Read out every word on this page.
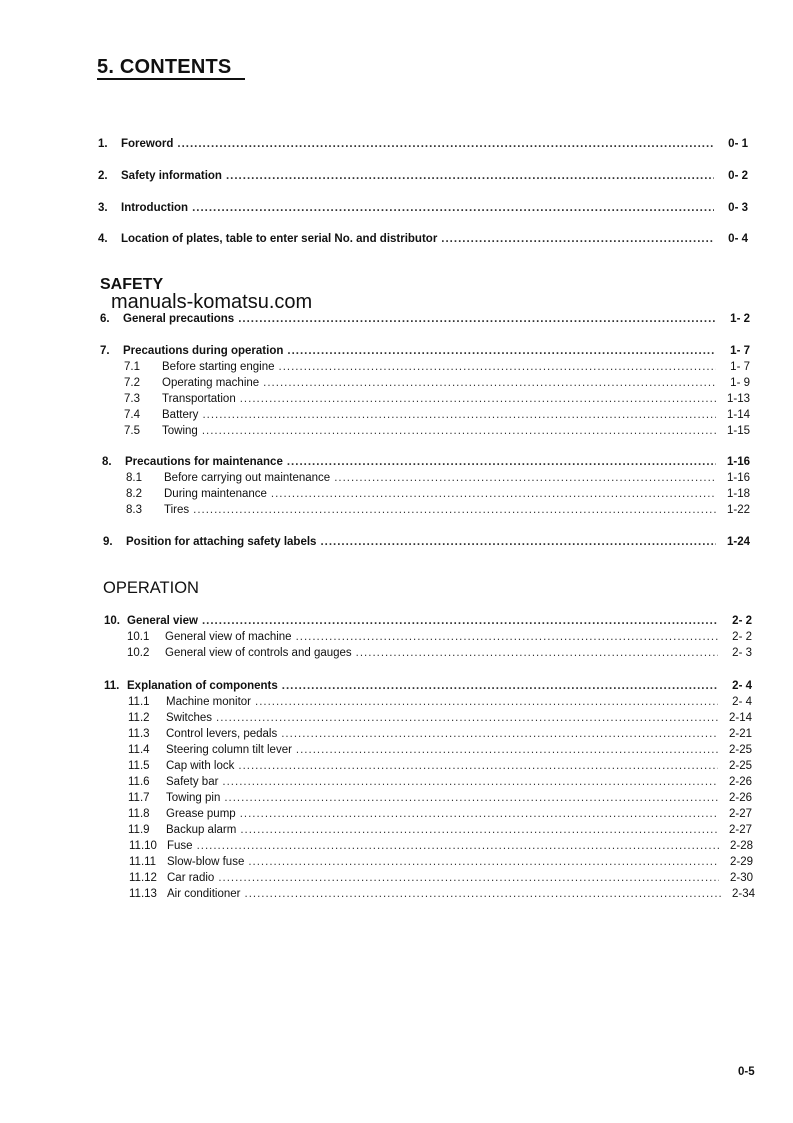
5. CONTENTS
1.	Foreword .....	0- 1
2.	Safety information .....	0- 2
3.	Introduction .....	0- 3
4.	Location of plates, table to enter serial No. and distributor .....	0- 4
SAFETY
manuals-komatsu.com
6.	General precautions .....	1- 2
7.	Precautions during operation .....	1- 7
7.1	Before starting engine .....	1- 7
7.2	Operating machine .....	1- 9
7.3	Transportation .....	1-13
7.4	Battery .....	1-14
7.5	Towing .....	1-15
8.	Precautions for maintenance .....	1-16
8.1	Before carrying out maintenance .....	1-16
8.2	During maintenance .....	1-18
8.3	Tires .....	1-22
9.	Position for attaching safety labels .....	1-24
OPERATION
10. General view .....	2- 2
10.1	General view of machine .....	2- 2
10.2	General view of controls and gauges .....	2- 3
11. Explanation of components .....	2- 4
11.1	Machine monitor .....	2- 4
11.2	Switches .....	2-14
11.3	Control levers, pedals .....	2-21
11.4	Steering column tilt lever .....	2-25
11.5	Cap with lock .....	2-25
11.6	Safety bar .....	2-26
11.7	Towing pin .....	2-26
11.8	Grease pump .....	2-27
11.9	Backup alarm .....	2-27
11.10 Fuse .....	2-28
11.11 Slow-blow fuse .....	2-29
11.12 Car radio .....	2-30
11.13 Air conditioner .....	2-34
0-5
